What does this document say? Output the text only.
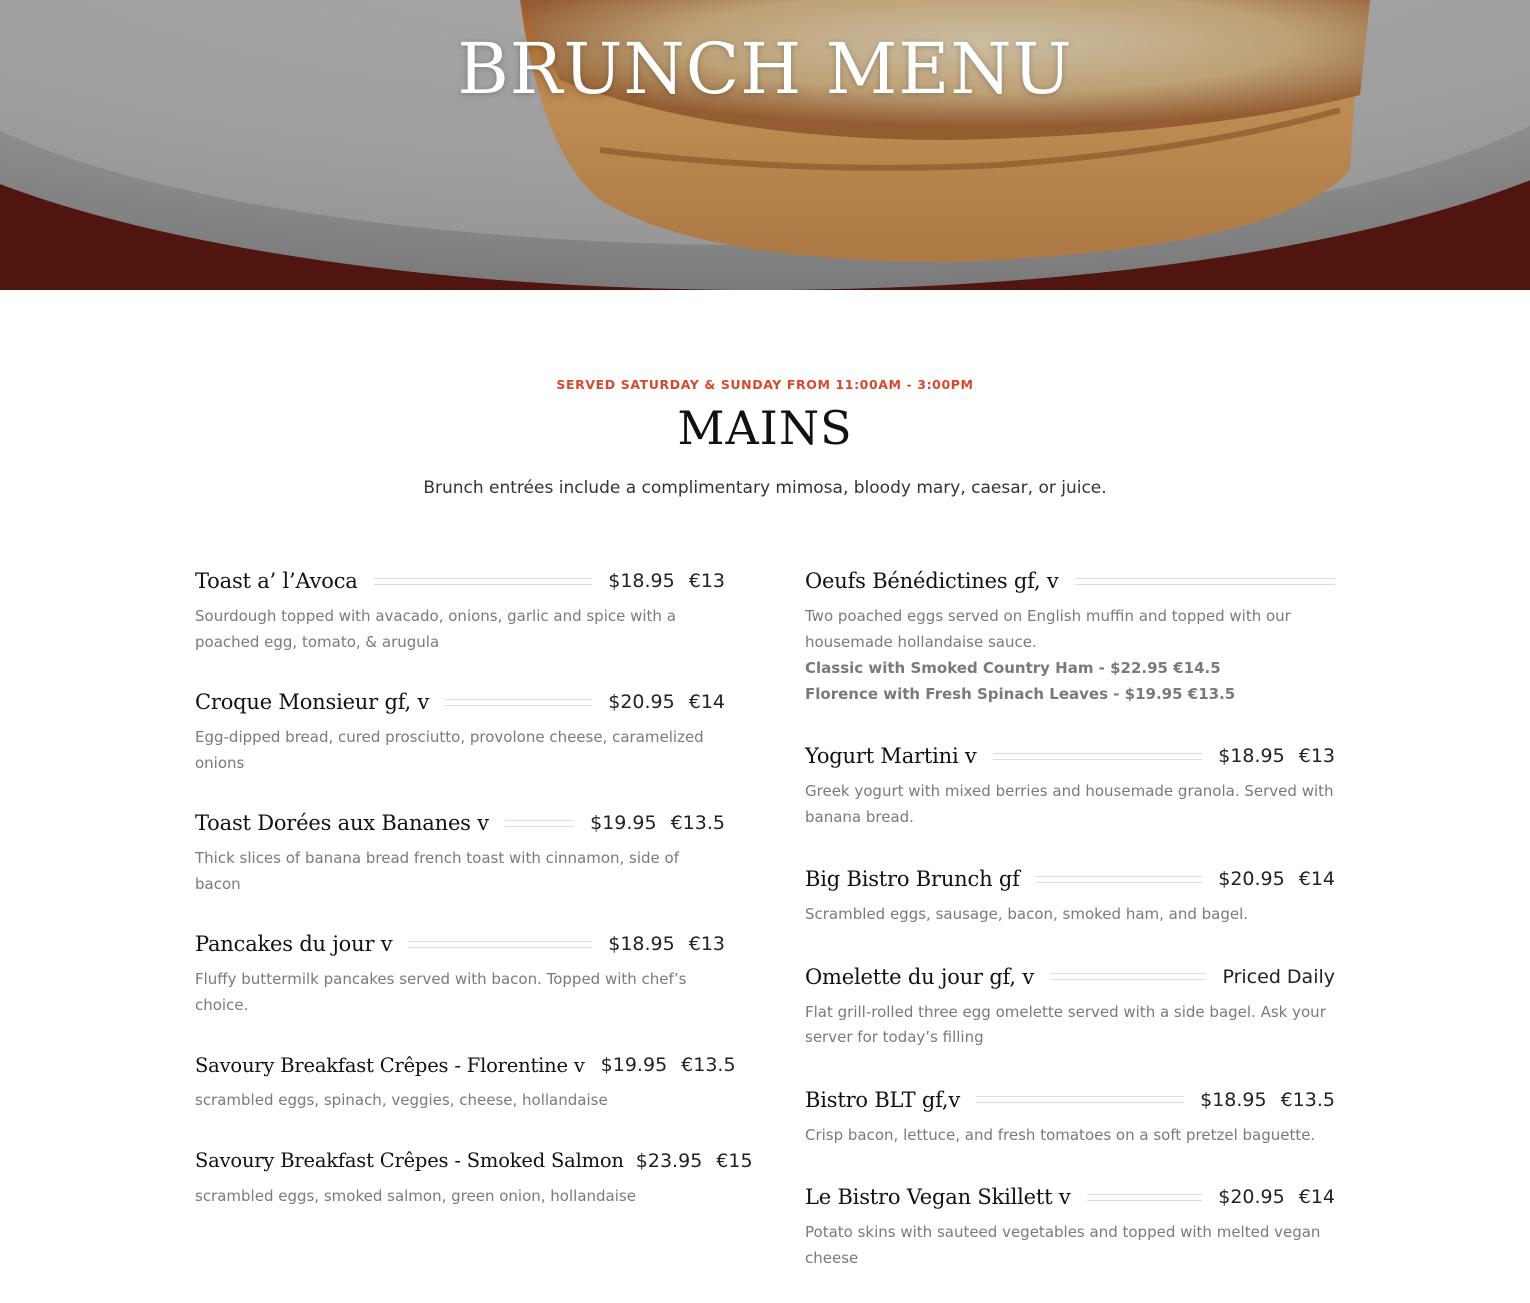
BRUNCH MENU
SERVED SATURDAY & SUNDAY FROM 11:00AM - 3:00PM
MAINS
Brunch entrées include a complimentary mimosa, bloody mary, caesar, or juice.
Toast a’ l’Avoca	$18.95 €13
Sourdough topped with avacado, onions, garlic and spice with a poached egg, tomato, & arugula
Croque Monsieur gf, v	$20.95 €14
Egg-dipped bread, cured prosciutto, provolone cheese, caramelized onions
Toast Dorées aux Bananes v	$19.95 €13.5
Thick slices of banana bread french toast with cinnamon, side of bacon
Pancakes du jour v	$18.95 €13
Fluffy buttermilk pancakes served with bacon. Topped with chef’s choice.
Savoury Breakfast Crêpes - Florentine v $19.95 €13.5
scrambled eggs, spinach, veggies, cheese, hollandaise
Savoury Breakfast Crêpes - Smoked Salmon $23.95 €15
scrambled eggs, smoked salmon, green onion, hollandaise
Oeufs Bénédictines gf, v
Two poached eggs served on English muffin and topped with our housemade hollandaise sauce.
Classic with Smoked Country Ham - $22.95 €14.5
Florence with Fresh Spinach Leaves - $19.95 €13.5
Yogurt Martini v	$18.95 €13
Greek yogurt with mixed berries and housemade granola. Served with banana bread.
Big Bistro Brunch gf	$20.95 €14
Scrambled eggs, sausage, bacon, smoked ham, and bagel.
Omelette du jour gf, v	Priced Daily
Flat grill-rolled three egg omelette served with a side bagel. Ask your server for today’s filling
Bistro BLT gf,v	$18.95 €13.5
Crisp bacon, lettuce, and fresh tomatoes on a soft pretzel baguette.
Le Bistro Vegan Skillett v	$20.95 €14
Potato skins with sauteed vegetables and topped with melted vegan cheese
